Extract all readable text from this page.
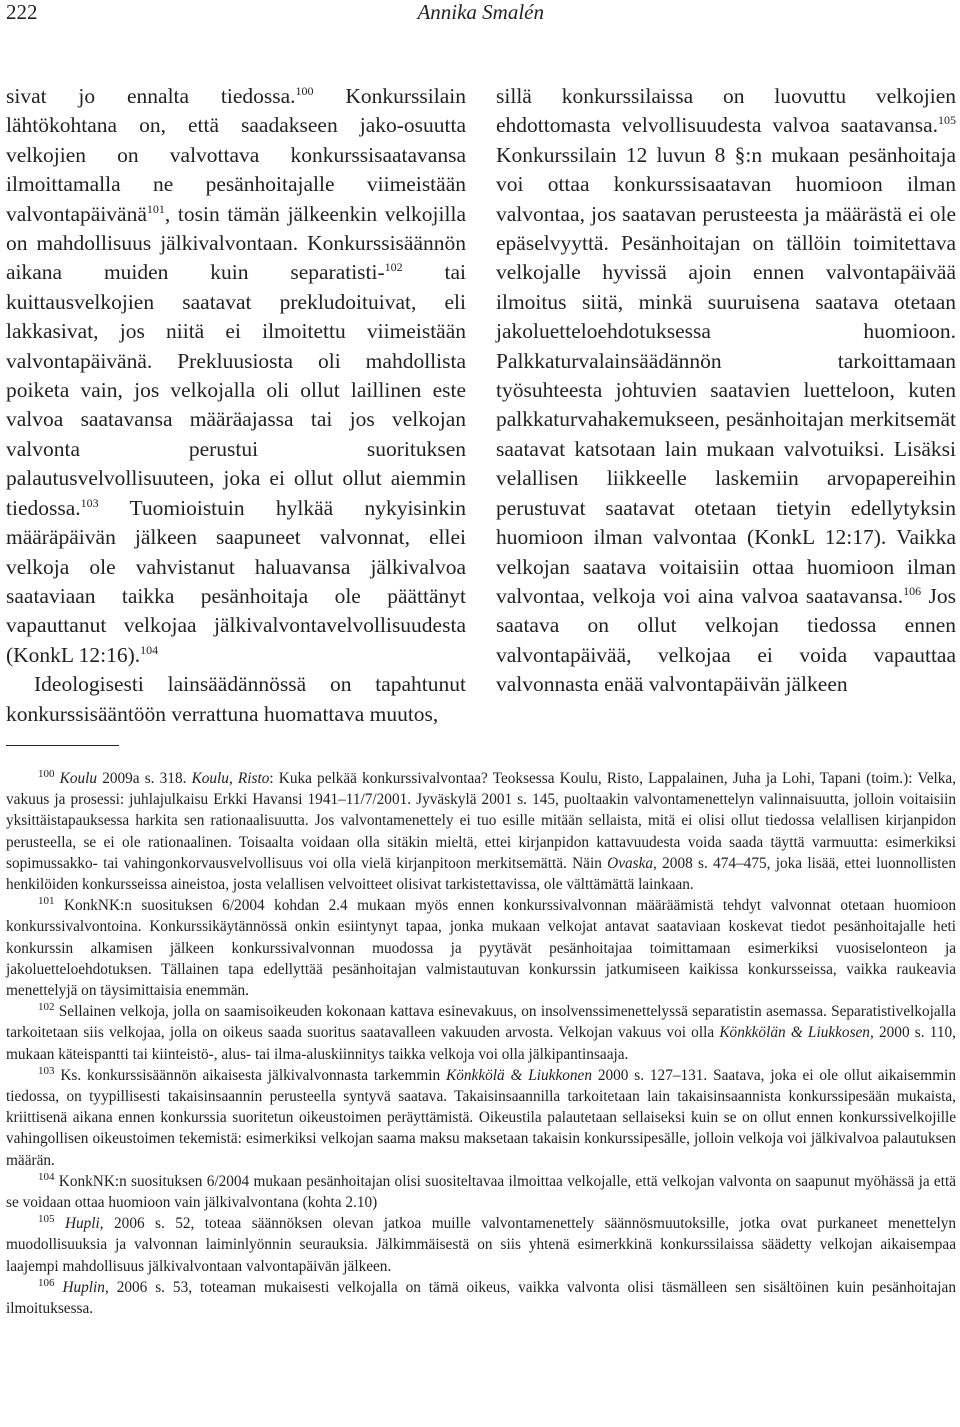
222	Annika Smalén

sivat jo ennalta tiedossa.$^{100}$ Konkurssilain lähtökohtana on, että saadakseen jako-osuutta velkojien on valvottava konkurssisaatavansa ilmoittamalla ne pesänhoitajalle viimeistään valvontapäivänä$^{101}$, tosin tämän jälkeenkin velkojilla on mahdollisuus jälkivalvontaan. Konkurssisäännön aikana muiden kuin separatisti-$^{102}$ tai kuittausvelkojien saatavat prekludoituivat, eli lakkasivat, jos niitä ei ilmoitettu viimeistään valvontapäivänä. Prekluusiosta oli mahdollista poiketa vain, jos velkojalla oli ollut laillinen este valvoa saatavansa määräajassa tai jos velkojan valvonta perustui suorituksen palautusvelvollisuuteen, joka ei ollut ollut aiemmin tiedossa.$^{103}$ Tuomioistuin hylkää nykyisinkin määräpäivän jälkeen saapuneet valvonnat, ellei velkoja ole vahvistanut haluavansa jälkivalvoa saataviaan taikka pesänhoitaja ole päättänyt vapauttanut velkojaa jälkivalvontavelvollisuudesta (KonkL 12:16).$^{104}$

Ideologisesti lainsäädännössä on tapahtunut konkurssisääntöön verrattuna huomattava muutos,

sillä konkurssilaissa on luovuttu velkojien ehdottomasta velvollisuudesta valvoa saatavansa.$^{105}$ Konkurssilain 12 luvun 8 §:n mukaan pesänhoitaja voi ottaa konkurssisaatavan huomioon ilman valvontaa, jos saatavan perusteesta ja määrästä ei ole epäselvyyttä. Pesänhoitajan on tällöin toimitettava velkojalle hyvissä ajoin ennen valvontapäivää ilmoitus siitä, minkä suuruisena saatava otetaan jakoluetteloehdotuksessa huomioon. Palkkaturvalainsäädännön tarkoittamaan työsuhteesta johtuvien saatavien luetteloon, kuten palkkaturvahakemukseen, pesänhoitajan merkitsemät saatavat katsotaan lain mukaan valvotuiksi. Lisäksi velallisen liikkeelle laskemiin arvopapereihin perustuvat saatavat otetaan tietyin edellytyksin huomioon ilman valvontaa (KonkL 12:17). Vaikka velkojan saatava voitaisiin ottaa huomioon ilman valvontaa, velkoja voi aina valvoa saatavansa.$^{106}$ Jos saatava on ollut velkojan tiedossa ennen valvontapäivää, velkojaa ei voida vapauttaa valvonnasta enää valvontapäivän jälkeen

$^{100}$ Koulu 2009a s. 318. Koulu, Risto: Kuka pelkää konkurssivalvontaa? Teoksessa Koulu, Risto, Lappalainen, Juha ja Lohi, Tapani (toim.): Velka, vakuus ja prosessi: juhlajulkaisu Erkki Havansi 1941–11/7/2001. Jyväskylä 2001 s. 145, puoltaakin valvontamenettelyn valinnaisuutta, jolloin voitaisiin yksittäistapauksessa harkita sen rationaalisuutta. Jos valvontamenettely ei tuo esille mitään sellaista, mitä ei olisi ollut tiedossa velallisen kirjanpidon perusteella, se ei ole rationaalinen. Toisaalta voidaan olla sitäkin mieltä, ettei kirjanpidon kattavuudesta voida saada täyttä varmuutta: esimerkiksi sopimussakko- tai vahingonkorvausvelvollisuus voi olla vielä kirjanpitoon merkitsemättä. Näin Ovaska, 2008 s. 474–475, joka lisää, ettei luonnollisten henkilöiden konkursseissa aineistoa, josta velallisen velvoitteet olisivat tarkistettavissa, ole välttämättä lainkaan.

$^{101}$ KonkNK:n suosituksen 6/2004 kohdan 2.4 mukaan myös ennen konkurssivalvonnan määräämistä tehdyt valvonnat otetaan huomioon konkurssivalvontoina. Konkurssikäytännössä onkin esiintynyt tapaa, jonka mukaan velkojat antavat saataviaan koskevat tiedot pesänhoitajalle heti konkurssin alkamisen jälkeen konkurssivalvonnan muodossa ja pyytävät pesänhoitajaa toimittamaan esimerkiksi vuosiselonteon ja jakoluetteloehdotuksen. Tällainen tapa edellyttää pesänhoitajan valmistautuvan konkurssin jatkumiseen kaikissa konkursseissa, vaikka raukeavia menettelyjä on täysimittaisia enemmän.

$^{102}$ Sellainen velkoja, jolla on saamisoikeuden kokonaan kattava esinevakuus, on insolvenssimenettelyssä separatistin asemassa. Separatistivelkojalla tarkoitetaan siis velkojaa, jolla on oikeus saada suoritus saatavalleen vakuuden arvosta. Velkojan vakuus voi olla Könkkölän & Liukkosen, 2000 s. 110, mukaan käteispantti tai kiinteistö-, alus- tai ilma-aluskiinnitys taikka velkoja voi olla jälkipantinsaaja.

$^{103}$ Ks. konkurssisäännön aikaisesta jälkivalvonnasta tarkemmin Könkkölä & Liukkonen 2000 s. 127–131. Saatava, joka ei ole ollut aikaisemmin tiedossa, on tyypillisesti takaisinsaannin perusteella syntyvä saatava. Takaisinsaannilla tarkoitetaan lain takaisinsaannista konkurssipesään mukaista, kriittisenä aikana ennen konkurssia suoritetun oikeustoimen peräyttämistä. Oikeustila palautetaan sellaiseksi kuin se on ollut ennen konkurssivelkojille vahingollisen oikeustoimen tekemistä: esimerkiksi velkojan saama maksu maksetaan takaisin konkurssipesälle, jolloin velkoja voi jälkivalvoa palautuksen määrän.

$^{104}$ KonkNK:n suosituksen 6/2004 mukaan pesänhoitajan olisi suositeltavaa ilmoittaa velkojalle, että velkojan valvonta on saapunut myöhässä ja että se voidaan ottaa huomioon vain jälkivalvontana (kohta 2.10)

$^{105}$ Hupli, 2006 s. 52, toteaa säännöksen olevan jatkoa muille valvontamenettely säännösmuutoksille, jotka ovat purkaneet menettelyn muodollisuuksia ja valvonnan laiminlyönnin seurauksia. Jälkimmäisestä on siis yhtenä esimerkkinä konkurssilaissa säädetty velkojan aikaisempaa laajempi mahdollisuus jälkivalvontaan valvontapäivän jälkeen.

$^{106}$ Huplin, 2006 s. 53, toteaman mukaisesti velkojalla on tämä oikeus, vaikka valvonta olisi täsmälleen sen sisältöinen kuin pesänhoitajan ilmoituksessa.
